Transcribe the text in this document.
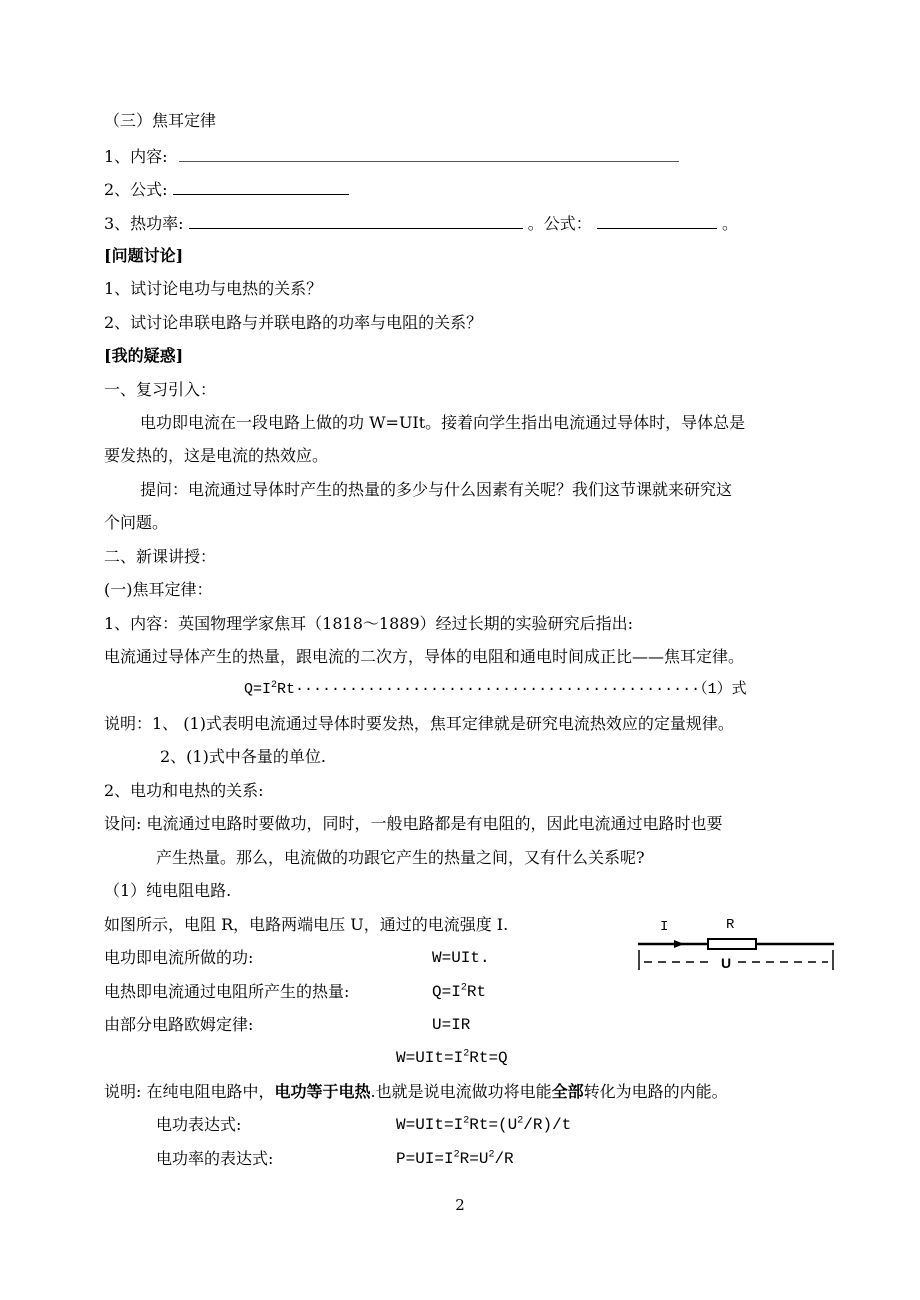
（三）焦耳定律
1、内容:
2、公式:
3、热功率:	。公式：	。
[问题讨论]
1、试讨论电功与电热的关系？
2、试讨论串联电路与并联电路的功率与电阻的关系？
[我的疑惑]
一、复习引入：
电功即电流在一段电路上做的功 W=UIt。接着向学生指出电流通过导体时，导体总是
要发热的，这是电流的热效应。
提问：电流通过导体时产生的热量的多少与什么因素有关呢？我们这节课就来研究这
个问题。
二、新课讲授：
(一)焦耳定律：
1、内容：英国物理学家焦耳（1818～1889）经过长期的实验研究后指出:
电流通过导体产生的热量，跟电流的二次方，导体的电阻和通电时间成正比——焦耳定律。
$Q=I^2Rt\cdot\cdot\cdot\cdot\cdot\cdot\cdot\cdot\cdot\cdot\cdot\cdot\cdot\cdot\cdot\cdot\cdot\cdot\cdot\cdot\cdot\cdot\cdot\cdot\cdot\cdot\cdot\cdot\cdot\cdot\cdot\cdot\cdot\cdot\cdot\cdot\cdot\cdot\cdot\cdot\cdot\cdot\cdot\cdot\cdot(1)$式
说明：1、 (1)式表明电流通过导体时要发热，焦耳定律就是研究电流热效应的定量规律。
2、(1)式中各量的单位.
2、电功和电热的关系:
设问: 电流通过电路时要做功，同时，一般电路都是有电阻的，因此电流通过电路时也要
产生热量。那么，电流做的功跟它产生的热量之间，又有什么关系呢?
（1）纯电阻电路.
如图所示，电阻 R，电路两端电压 U，通过的电流强度 I.
电功即电流所做的功:	W=UIt.
电热即电流通过电阻所产生的热量:	$Q=I^2Rt$
由部分电路欧姆定律:	U=IR
$W=UIt=I^2Rt=Q$
说明: 在纯电阻电路中，电功等于电热.也就是说电流做功将电能全部转化为电路的内能。
电功表达式:	$W=UIt=I^2Rt=(U^2/R)/t$
电功率的表达式:	$P=UI=I^2R=U^2/R$
I	R
U
2
